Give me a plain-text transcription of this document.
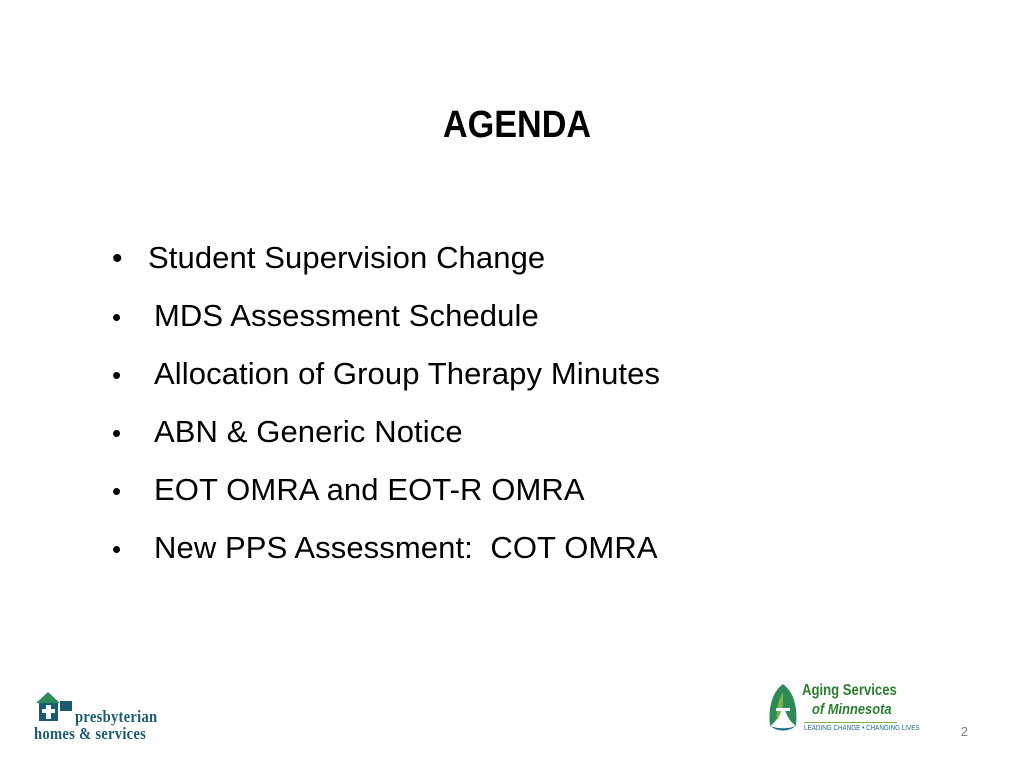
AGENDA
• Student Supervision Change
•	MDS Assessment Schedule
•	Allocation of Group Therapy Minutes
•	ABN & Generic Notice
•	EOT OMRA and EOT-R OMRA
•	New PPS Assessment:  COT OMRA
presbyterian
homes & services
Aging Services
of Minnesota
LEADING CHANGE • CHANGING LIVES	2
